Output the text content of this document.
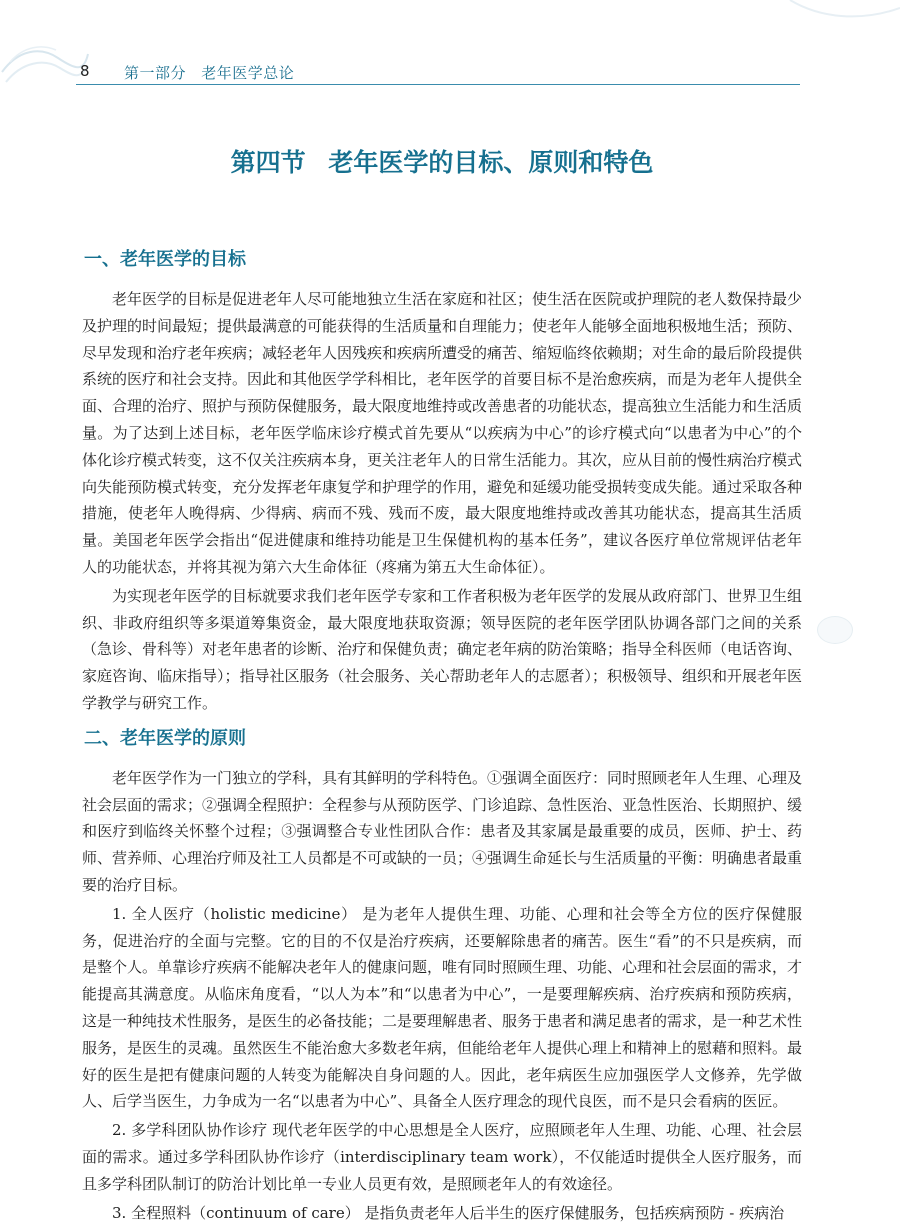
8 第一部分 老年医学总论
第四节 老年医学的目标、原则和特色
一、老年医学的目标

老年医学的目标是促进老年人尽可能地独立生活在家庭和社区；使生活在医院或护理院的老人数保持最少及护理的时间最短；提供最满意的可能获得的生活质量和自理能力；使老年人能够全面地积极地生活；预防、尽早发现和治疗老年疾病；减轻老年人因残疾和疾病所遭受的痛苦、缩短临终依赖期；对生命的最后阶段提供系统的医疗和社会支持。因此和其他医学学科相比，老年医学的首要目标不是治愈疾病，而是为老年人提供全面、合理的治疗、照护与预防保健服务，最大限度地维持或改善患者的功能状态，提高独立生活能力和生活质量。为了达到上述目标，老年医学临床诊疗模式首先要从“以疾病为中心”的诊疗模式向“以患者为中心”的个体化诊疗模式转变，这不仅关注疾病本身，更关注老年人的日常生活能力。其次，应从目前的慢性病治疗模式向失能预防模式转变，充分发挥老年康复学和护理学的作用，避免和延缓功能受损转变成失能。通过采取各种措施，使老年人晚得病、少得病、病而不残、残而不废，最大限度地维持或改善其功能状态，提高其生活质量。美国老年医学会指出“促进健康和维持功能是卫生保健机构的基本任务”，建议各医疗单位常规评估老年人的功能状态，并将其视为第六大生命体征（疼痛为第五大生命体征）。

为实现老年医学的目标就要求我们老年医学专家和工作者积极为老年医学的发展从政府部门、世界卫生组织、非政府组织等多渠道筹集资金，最大限度地获取资源；领导医院的老年医学团队协调各部门之间的关系（急诊、骨科等）对老年患者的诊断、治疗和保健负责；确定老年病的防治策略；指导全科医师（电话咨询、家庭咨询、临床指导）；指导社区服务（社会服务、关心帮助老年人的志愿者）；积极领导、组织和开展老年医学教学与研究工作。

二、老年医学的原则

老年医学作为一门独立的学科，具有其鲜明的学科特色。①强调全面医疗：同时照顾老年人生理、心理及社会层面的需求；②强调全程照护：全程参与从预防医学、门诊追踪、急性医治、亚急性医治、长期照护、缓和医疗到临终关怀整个过程；③强调整合专业性团队合作：患者及其家属是最重要的成员，医师、护士、药师、营养师、心理治疗师及社工人员都是不可或缺的一员；④强调生命延长与生活质量的平衡：明确患者最重要的治疗目标。

1. 全人医疗（holistic medicine） 是为老年人提供生理、功能、心理和社会等全方位的医疗保健服务，促进治疗的全面与完整。它的目的不仅是治疗疾病，还要解除患者的痛苦。医生“看”的不只是疾病，而是整个人。单靠诊疗疾病不能解决老年人的健康问题，唯有同时照顾生理、功能、心理和社会层面的需求，才能提高其满意度。从临床角度看，“以人为本”和“以患者为中心”，一是要理解疾病、治疗疾病和预防疾病，这是一种纯技术性服务，是医生的必备技能；二是要理解患者、服务于患者和满足患者的需求，是一种艺术性服务，是医生的灵魂。虽然医生不能治愈大多数老年病，但能给老年人提供心理上和精神上的慰藉和照料。最好的医生是把有健康问题的人转变为能解决自身问题的人。因此，老年病医生应加强医学人文修养，先学做人、后学当医生，力争成为一名“以患者为中心”、具备全人医疗理念的现代良医，而不是只会看病的医匠。

2. 多学科团队协作诊疗 现代老年医学的中心思想是全人医疗，应照顾老年人生理、功能、心理、社会层面的需求。通过多学科团队协作诊疗（interdisciplinary team work），不仅能适时提供全人医疗服务，而且多学科团队制订的防治计划比单一专业人员更有效，是照顾老年人的有效途径。

3. 全程照料（continuum of care） 是指负责老年人后半生的医疗保健服务，包括疾病预防 - 疾病治
